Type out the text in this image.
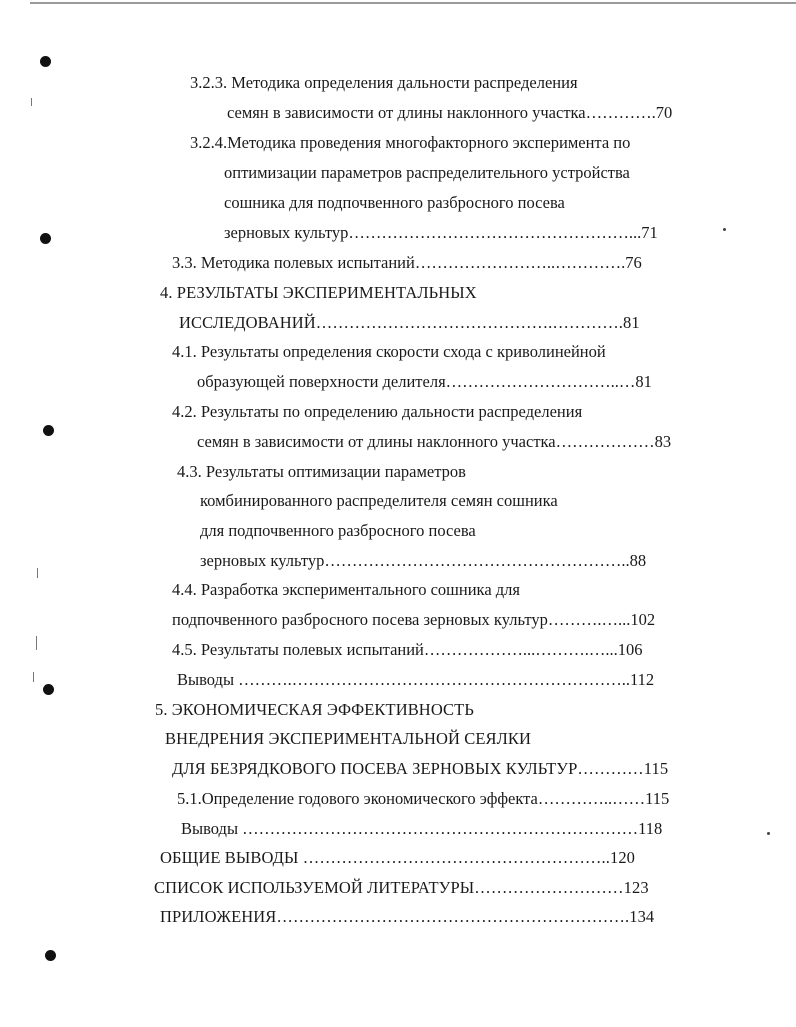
3.2.3. Методика определения дальности распределения
семян в зависимости от длины наклонного участка………….70
3.2.4.Методика проведения многофакторного эксперимента по
оптимизации параметров распределительного устройства
сошника для подпочвенного разбросного посева
зерновых культур……………………………………………...71
3.3. Методика полевых испытаний……………………..………….76
4. РЕЗУЛЬТАТЫ ЭКСПЕРИМЕНТАЛЬНЫХ
ИССЛЕДОВАНИЙ…………………………………….………….81
4.1. Результаты определения скорости схода с криволинейной
образующей поверхности делителя…………………………..…81
4.2. Результаты по определению дальности распределения
семян в зависимости от длины наклонного участка………………83
4.3. Результаты оптимизации параметров
комбинированного распределителя семян сошника
для подпочвенного разбросного посева
зерновых культур………………………………………………..88
4.4. Разработка экспериментального сошника для
подпочвенного разбросного посева зерновых культур……….…...102
4.5. Результаты полевых испытаний………………...……….…...106
Выводы ……….……………………………………………………..112
5. ЭКОНОМИЧЕСКАЯ ЭФФЕКТИВНОСТЬ
ВНЕДРЕНИЯ ЭКСПЕРИМЕНТАЛЬНОЙ СЕЯЛКИ
ДЛЯ БЕЗРЯДКОВОГО ПОСЕВА ЗЕРНОВЫХ КУЛЬТУР…………115
5.1.Определение годового экономического эффекта…………..……115
Выводы ………………………………………………………………118
ОБЩИЕ ВЫВОДЫ ………………………………………………..120
СПИСОК ИСПОЛЬЗУЕМОЙ ЛИТЕРАТУРЫ………………………123
ПРИЛОЖЕНИЯ……………………………………………………….134
